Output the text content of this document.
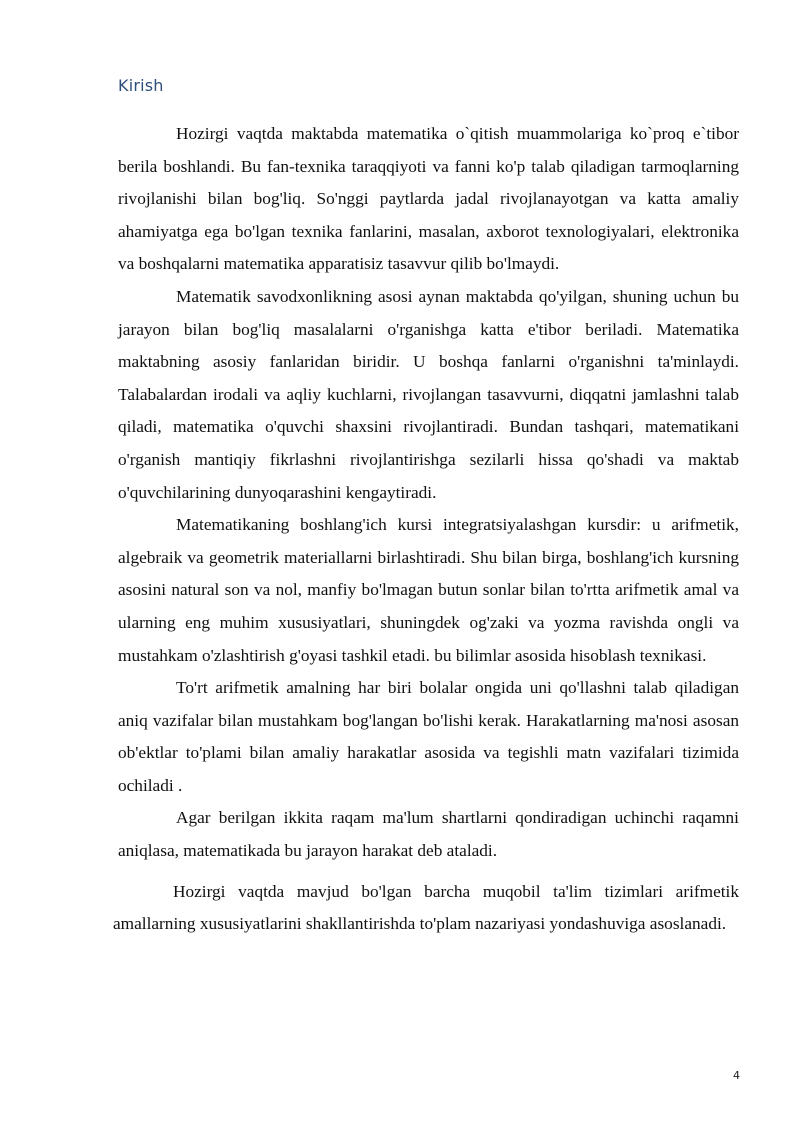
Kirish

Hozirgi vaqtda maktabda matematika o`qitish muammolariga ko`proq e`tibor berila boshlandi. Bu fan-texnika taraqqiyoti va fanni ko'p talab qiladigan tarmoqlarning rivojlanishi bilan bog'liq. So'nggi paytlarda jadal rivojlanayotgan va katta amaliy ahamiyatga ega bo'lgan texnika fanlarini, masalan, axborot texnologiyalari, elektronika va boshqalarni matematika apparatisiz tasavvur qilib bo'lmaydi.

Matematik savodxonlikning asosi aynan maktabda qo'yilgan, shuning uchun bu jarayon bilan bog'liq masalalarni o'rganishga katta e'tibor beriladi. Matematika maktabning asosiy fanlaridan biridir. U boshqa fanlarni o'rganishni ta'minlaydi. Talabalardan irodali va aqliy kuchlarni, rivojlangan tasavvurni, diqqatni jamlashni talab qiladi, matematika o'quvchi shaxsini rivojlantiradi. Bundan tashqari, matematikani o'rganish mantiqiy fikrlashni rivojlantirishga sezilarli hissa qo'shadi va maktab o'quvchilarining dunyoqarashini kengaytiradi.

Matematikaning boshlang'ich kursi integratsiyalashgan kursdir: u arifmetik, algebraik va geometrik materiallarni birlashtiradi. Shu bilan birga, boshlang'ich kursning asosini natural son va nol, manfiy bo'lmagan butun sonlar bilan to'rtta arifmetik amal va ularning eng muhim xususiyatlari, shuningdek og'zaki va yozma ravishda ongli va mustahkam o'zlashtirish g'oyasi tashkil etadi. bu bilimlar asosida hisoblash texnikasi.

To'rt arifmetik amalning har biri bolalar ongida uni qo'llashni talab qiladigan aniq vazifalar bilan mustahkam bog'langan bo'lishi kerak. Harakatlarning ma'nosi asosan ob'ektlar to'plami bilan amaliy harakatlar asosida va tegishli matn vazifalari tizimida ochiladi .

Agar berilgan ikkita raqam ma'lum shartlarni qondiradigan uchinchi raqamni aniqlasa, matematikada bu jarayon harakat deb ataladi.

Hozirgi vaqtda mavjud bo'lgan barcha muqobil ta'lim tizimlari arifmetik amallarning xususiyatlarini shakllantirishda to'plam nazariyasi yondashuviga asoslanadi.

4
